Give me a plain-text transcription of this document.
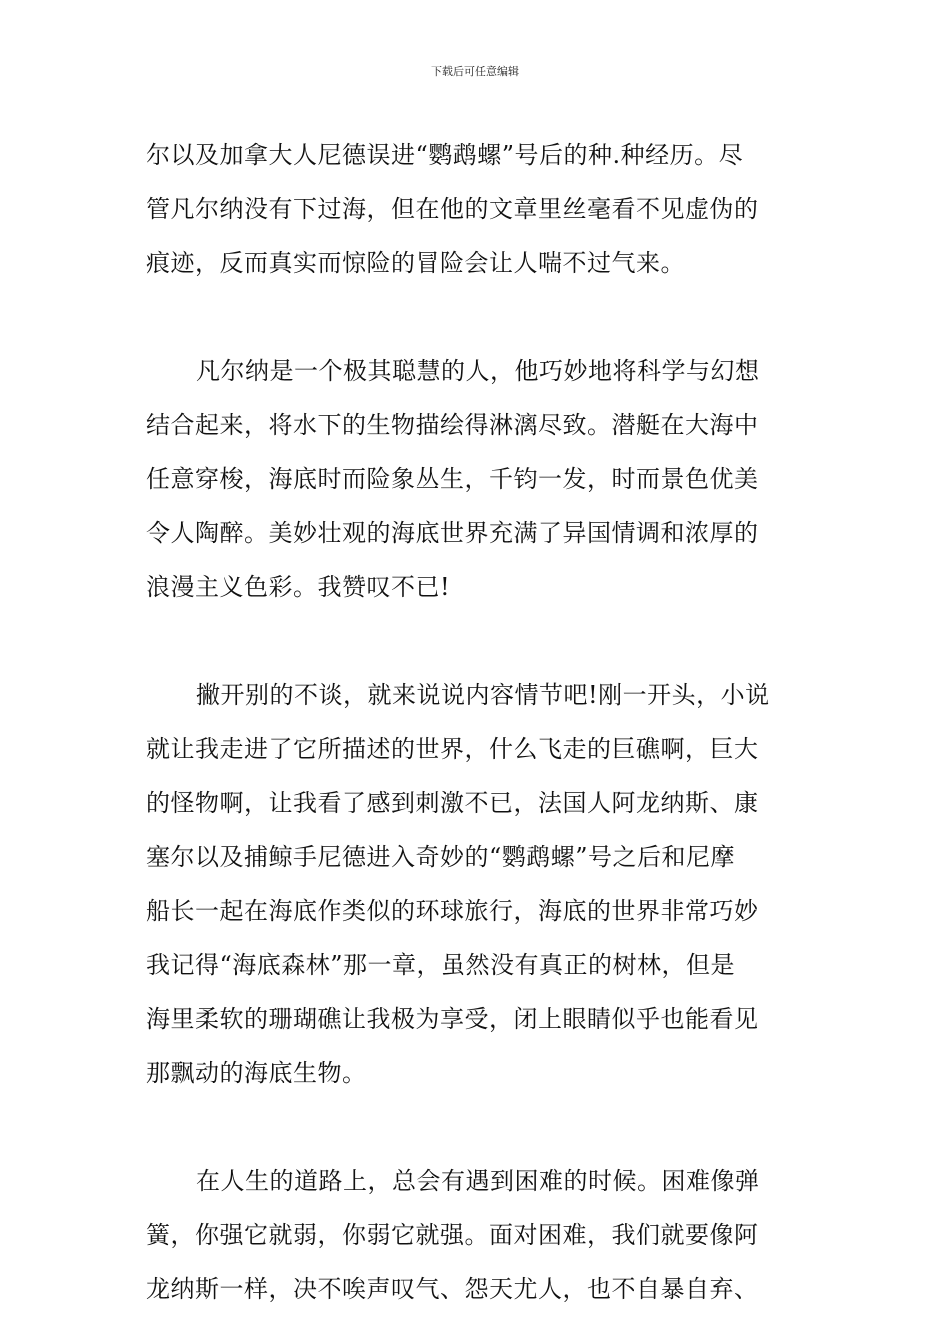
下载后可任意编辑
尔以及加拿大人尼德误进“鹦鹉螺”号后的种.种经历。尽
管凡尔纳没有下过海，但在他的文章里丝毫看不见虚伪的
痕迹，反而真实而惊险的冒险会让人喘不过气来。
凡尔纳是一个极其聪慧的人，他巧妙地将科学与幻想
结合起来，将水下的生物描绘得淋漓尽致。潜艇在大海中
任意穿梭，海底时而险象丛生，千钧一发，时而景色优美
令人陶醉。美妙壮观的海底世界充满了异国情调和浓厚的
浪漫主义色彩。我赞叹不已!
撇开别的不谈，就来说说内容情节吧!刚一开头，小说
就让我走进了它所描述的世界，什么飞走的巨礁啊，巨大
的怪物啊，让我看了感到刺激不已，法国人阿龙纳斯、康
塞尔以及捕鲸手尼德进入奇妙的“鹦鹉螺”号之后和尼摩
船长一起在海底作类似的环球旅行，海底的世界非常巧妙
我记得“海底森林”那一章，虽然没有真正的树林，但是
海里柔软的珊瑚礁让我极为享受，闭上眼睛似乎也能看见
那飘动的海底生物。
在人生的道路上，总会有遇到困难的时候。困难像弹
簧，你强它就弱，你弱它就强。面对困难，我们就要像阿
龙纳斯一样，决不唉声叹气、怨天尤人，也不自暴自弃、
